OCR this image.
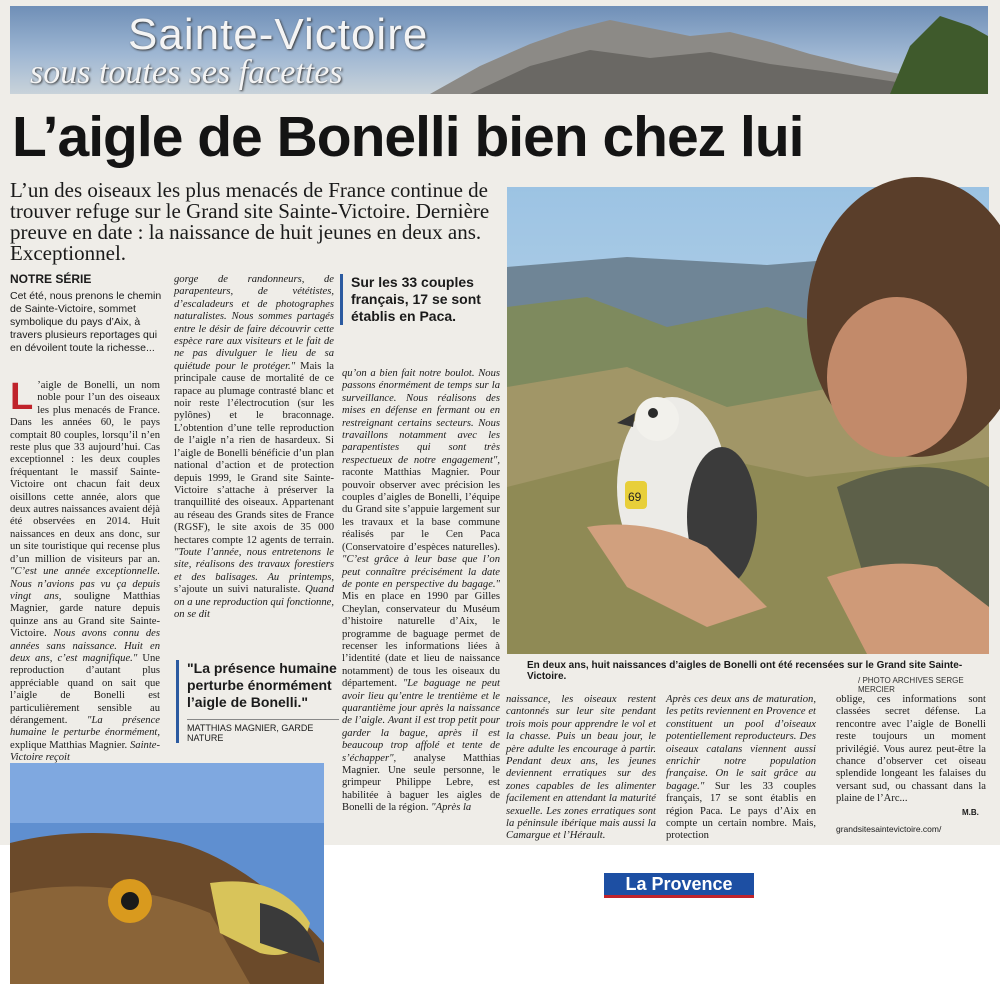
Sainte-Victoire
sous toutes ses facettes
L’aigle de Bonelli bien chez lui
L’un des oiseaux les plus menacés de France continue de trouver refuge sur le Grand site Sainte-Victoire. Dernière preuve en date : la naissance de huit jeunes en deux ans. Exceptionnel.
NOTRE SÉRIE
Cet été, nous prenons le chemin de Sainte-Victoire, sommet symbolique du pays d’Aix, à travers plusieurs reportages qui en dévoilent toute la richesse...
L ’aigle de Bonelli, un nom noble pour l’un des oiseaux les plus menacés de France. Dans les années 60, le pays comptait 80 couples, lorsqu’il n’en reste plus que 33 aujourd’hui. Cas exceptionnel : les deux couples fréquentant le massif Sainte-Victoire ont chacun fait deux oisillons cette année, alors que deux autres naissances avaient déjà été observées en 2014. Huit naissances en deux ans donc, sur un site touristique qui recense plus d’un million de visiteurs par an. "C’est une année exceptionnelle. Nous n’avions pas vu ça depuis vingt ans, souligne Matthias Magnier, garde nature depuis quinze ans au Grand site Sainte-Victoire. Nous avons connu des années sans naissance. Huit en deux ans, c’est magnifique." Une reproduction d’autant plus appréciable quand on sait que l’aigle de Bonelli est particulièrement sensible au dérangement. "La présence humaine le perturbe énormément, explique Matthias Magnier. Sainte-Victoire reçoit
gorge de randonneurs, de parapenteurs, de vététistes, d’escaladeurs et de photographes naturalistes. Nous sommes partagés entre le désir de faire découvrir cette espèce rare aux visiteurs et le fait de ne pas divulguer le lieu de sa quiétude pour le protéger." Mais la principale cause de mortalité de ce rapace au plumage contrasté blanc et noir reste l’électrocution (sur les pylônes) et le braconnage. L’obtention d’une telle reproduction de l’aigle n’a rien de hasardeux. Si l’aigle de Bonelli bénéficie d’un plan national d’action et de protection depuis 1999, le Grand site Sainte-Victoire s’attache à préserver la tranquillité des oiseaux. Appartenant au réseau des Grands sites de France (RGSF), le site axois de 35 000 hectares compte 12 agents de terrain. "Toute l’année, nous entretenons le site, réalisons des travaux forestiers et des balisages. Au printemps, s’ajoute un suivi naturaliste. Quand on a une reproduction qui fonctionne, on se dit
Sur les 33 couples français, 17 se sont établis en Paca.
qu’on a bien fait notre boulot. Nous passons énormément de temps sur la surveillance. Nous réalisons des mises en défense en fermant ou en restreignant certains secteurs. Nous travaillons notamment avec les parapentistes qui sont très respectueux de notre engagement", raconte Matthias Magnier. Pour pouvoir observer avec précision les couples d’aigles de Bonelli, l’équipe du Grand site s’appuie largement sur les travaux et la base commune réalisés par le Cen Paca (Conservatoire d’espèces naturelles). "C’est grâce à leur base que l’on peut connaître précisément la date de ponte en perspective du bagage." Mis en place en 1990 par Gilles Cheylan, conservateur du Muséum d’histoire naturelle d’Aix, le programme de baguage permet de recenser les informations liées à l’identité (date et lieu de naissance notamment) de tous les oiseaux du département. "Le baguage ne peut avoir lieu qu’entre le trentième et le quarantième jour après la naissance de l’aigle. Avant il est trop petit pour garder la bague, après il est beaucoup trop affolé et tente de s’échapper", analyse Matthias Magnier. Une seule personne, le grimpeur Philippe Lebre, est habilitée à baguer les aigles de Bonelli de la région. "Après la
"La présence humaine perturbe énormément l’aigle de Bonelli."
MATTHIAS MAGNIER, GARDE NATURE
69
En deux ans, huit naissances d’aigles de Bonelli ont été recensées sur le Grand site Sainte-Victoire.	/ PHOTO ARCHIVES SERGE MERCIER
naissance, les oiseaux restent cantonnés sur leur site pendant trois mois pour apprendre le vol et la chasse. Puis un beau jour, le père adulte les encourage à partir. Pendant deux ans, les jeunes deviennent erratiques sur des zones capables de les alimenter facilement en attendant la maturité sexuelle. Les zones erratiques sont la péninsule ibérique mais aussi la Camargue et l’Hérault.
Après ces deux ans de maturation, les petits reviennent en Provence et constituent un pool d’oiseaux potentiellement reproducteurs. Des oiseaux catalans viennent aussi enrichir notre population française. On le sait grâce au bagage." Sur les 33 couples français, 17 se sont établis en région Paca. Le pays d’Aix en compte un certain nombre. Mais, protection
oblige, ces informations sont classées secret défense. La rencontre avec l’aigle de Bonelli reste toujours un moment privilégié. Vous aurez peut-être la chance d’observer cet oiseau splendide longeant les falaises du versant sud, ou chassant dans la plaine de l’Arc...
M.B.
grandsitesaintevictoire.com/
La Provence
